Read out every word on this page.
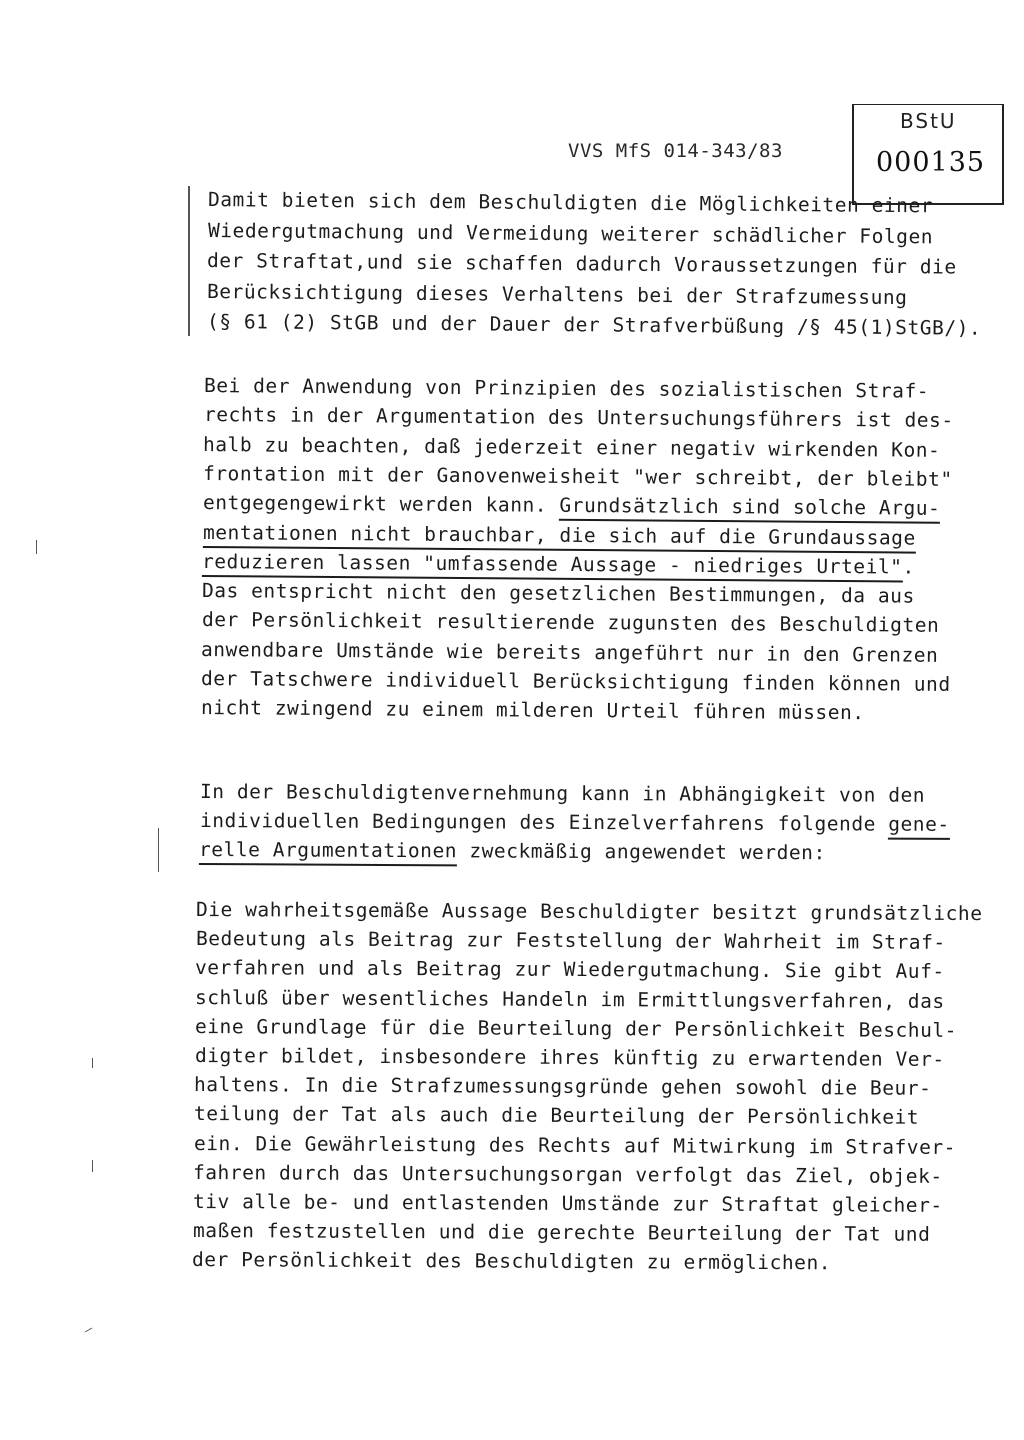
VVS MfS 014-343/83
BStU
000135
Damit bieten sich dem Beschuldigten die Möglichkeiten einer
Wiedergutmachung und Vermeidung weiterer schädlicher Folgen
der Straftat,und sie schaffen dadurch Voraussetzungen für die
Berücksichtigung dieses Verhaltens bei der Strafzumessung
(§ 61 (2) StGB und der Dauer der Strafverbüßung /§ 45(1)StGB/).
Bei der Anwendung von Prinzipien des sozialistischen Straf-
rechts in der Argumentation des Untersuchungsführers ist des-
halb zu beachten, daß jederzeit einer negativ wirkenden Kon-
frontation mit der Ganovenweisheit "wer schreibt, der bleibt"
entgegengewirkt werden kann. Grundsätzlich sind solche Argu-
mentationen nicht brauchbar, die sich auf die Grundaussage
reduzieren lassen "umfassende Aussage - niedriges Urteil".
Das entspricht nicht den gesetzlichen Bestimmungen, da aus
der Persönlichkeit resultierende zugunsten des Beschuldigten
anwendbare Umstände wie bereits angeführt nur in den Grenzen
der Tatschwere individuell Berücksichtigung finden können und
nicht zwingend zu einem milderen Urteil führen müssen.
In der Beschuldigtenvernehmung kann in Abhängigkeit von den
individuellen Bedingungen des Einzelverfahrens folgende gene-
relle Argumentationen zweckmäßig angewendet werden:
Die wahrheitsgemäße Aussage Beschuldigter besitzt grundsätzliche
Bedeutung als Beitrag zur Feststellung der Wahrheit im Straf-
verfahren und als Beitrag zur Wiedergutmachung. Sie gibt Auf-
schluß über wesentliches Handeln im Ermittlungsverfahren, das
eine Grundlage für die Beurteilung der Persönlichkeit Beschul-
digter bildet, insbesondere ihres künftig zu erwartenden Ver-
haltens. In die Strafzumessungsgründe gehen sowohl die Beur-
teilung der Tat als auch die Beurteilung der Persönlichkeit
ein. Die Gewährleistung des Rechts auf Mitwirkung im Strafver-
fahren durch das Untersuchungsorgan verfolgt das Ziel, objek-
tiv alle be- und entlastenden Umstände zur Straftat gleicher-
maßen festzustellen und die gerechte Beurteilung der Tat und
der Persönlichkeit des Beschuldigten zu ermöglichen.
